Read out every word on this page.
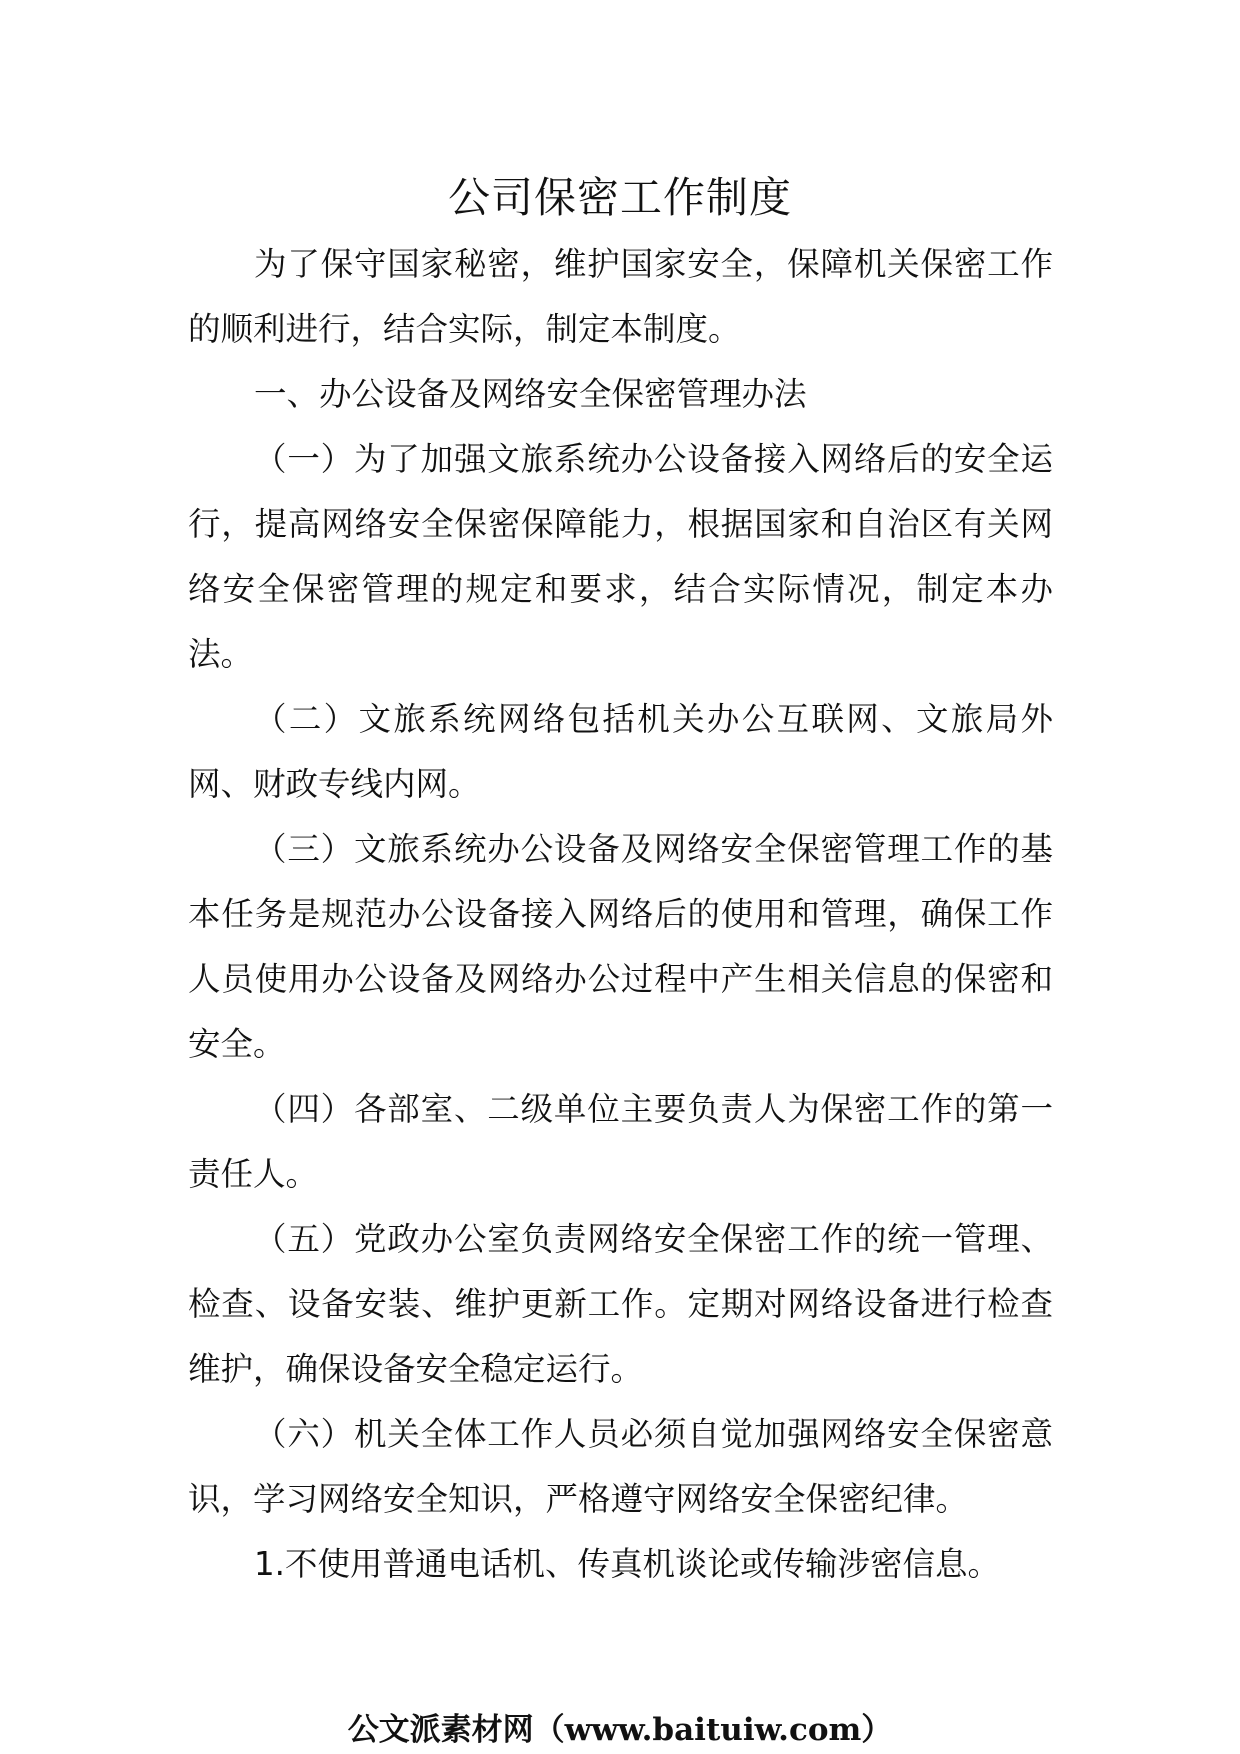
公司保密工作制度

为了保守国家秘密，维护国家安全，保障机关保密工作的顺利进行，结合实际，制定本制度。

一、办公设备及网络安全保密管理办法

（一）为了加强文旅系统办公设备接入网络后的安全运行，提高网络安全保密保障能力，根据国家和自治区有关网络安全保密管理的规定和要求，结合实际情况，制定本办法。

（二）文旅系统网络包括机关办公互联网、文旅局外网、财政专线内网。

（三）文旅系统办公设备及网络安全保密管理工作的基本任务是规范办公设备接入网络后的使用和管理，确保工作人员使用办公设备及网络办公过程中产生相关信息的保密和安全。

（四）各部室、二级单位主要负责人为保密工作的第一责任人。

（五）党政办公室负责网络安全保密工作的统一管理、检查、设备安装、维护更新工作。定期对网络设备进行检查维护，确保设备安全稳定运行。

（六）机关全体工作人员必须自觉加强网络安全保密意识，学习网络安全知识，严格遵守网络安全保密纪律。

1.不使用普通电话机、传真机谈论或传输涉密信息。

公文派素材网（www.baituiw.com）
